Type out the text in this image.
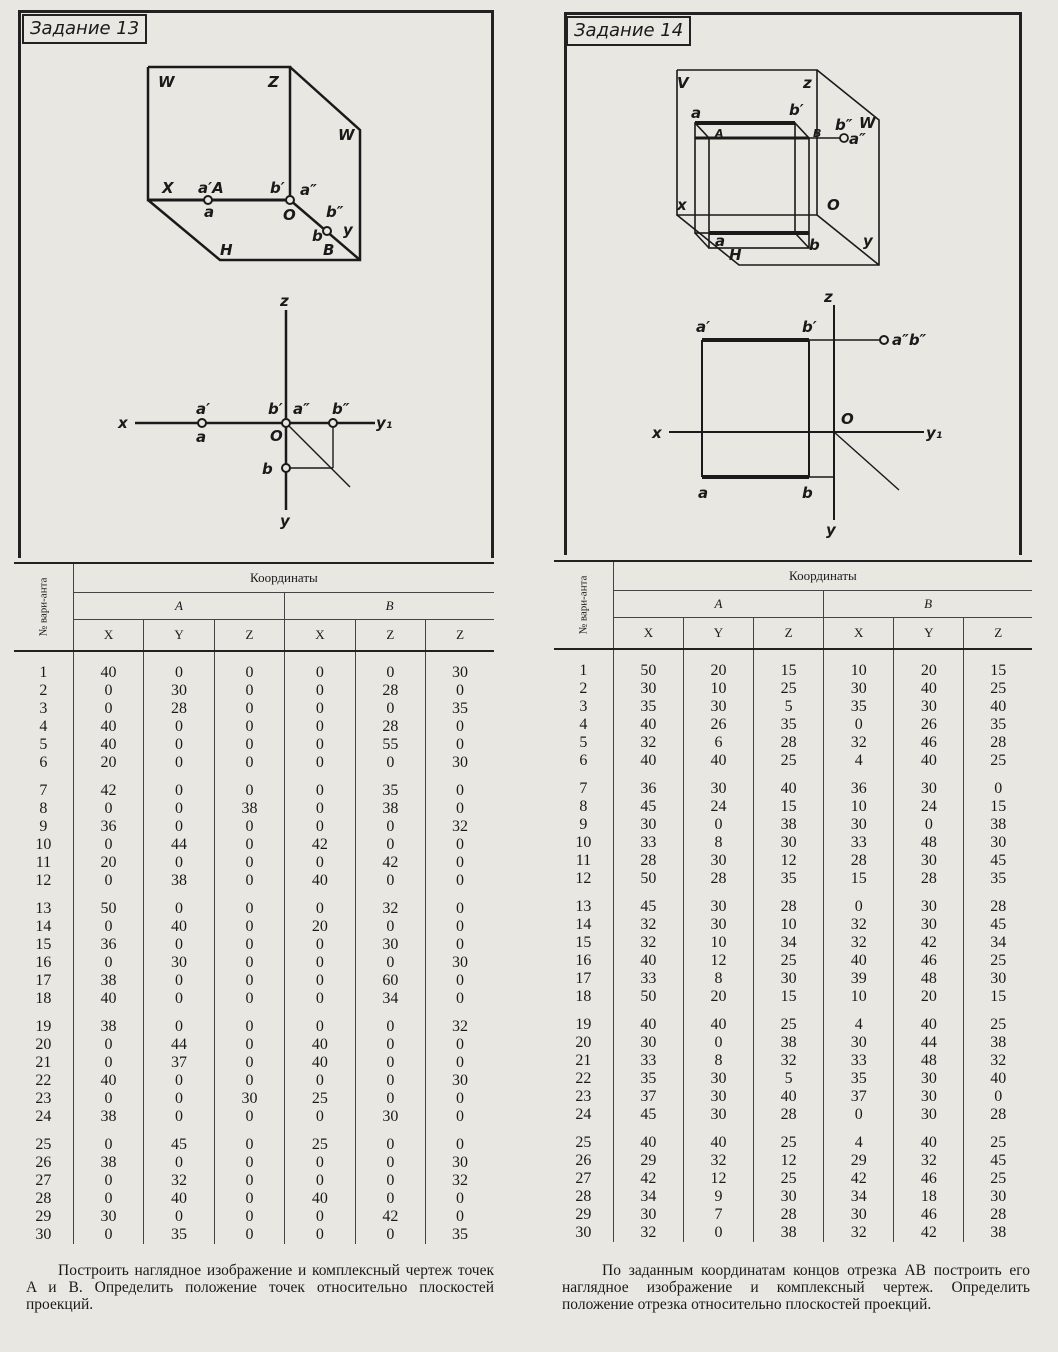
Задание 13
W	Z
W
X a′A	b′ a″
a	O b″
b
B
y
H
z
x
a′
a
b′ a″ b″
O
y₁
b
y
№ вари-анта	Координаты					
	А			В		
	X	Y	Z	X	Z	Z

1	40	0	0	0	0	30
2	0	30	0	0	28	0
3	0	28	0	0	0	35
4	40	0	0	0	28	0
5	40	0	0	0	55	0
6	20	0	0	0	0	30

7	42	0	0	0	35	0
8	0	0	38	0	38	0
9	36	0	0	0	0	32
10	0	44	0	42	0	0
11	20	0	0	0	42	0
12	0	38	0	40	0	0

13	50	0	0	0	32	0
14	0	40	0	20	0	0
15	36	0	0	0	30	0
16	0	30	0	0	0	30
17	38	0	0	0	60	0
18	40	0	0	0	34	0

19	38	0	0	0	0	32
20	0	44	0	40	0	0
21	0	37	0	40	0	0
22	40	0	0	0	0	30
23	0	0	30	25	0	0
24	38	0	0	0	30	0

25	0	45	0	25	0	0
26	38	0	0	0	0	30
27	0	32	0	0	0	32
28	0	40	0	40	0	0
29	30	0	0	0	42	0
30	0	35	0	0	0	35
Построить наглядное изображение и комплексный чертеж точек A и B. Определить положение точек относительно плоскостей проекций.
Задание 14
V	z
a	b′
b″ W
a″
A	B
x	O
a	b	y
H
z
a′	b′
a″b″
x
O
y₁
a	b
y
№ вари-анта	Координаты					
	А			В		
	X	Y	Z	X	Y	Z

1	50	20	15	10	20	15
2	30	10	25	30	40	25
3	35	30	5	35	30	40
4	40	26	35	0	26	35
5	32	6	28	32	46	28
6	40	40	25	4	40	25

7	36	30	40	36	30	0
8	45	24	15	10	24	15
9	30	0	38	30	0	38
10	33	8	30	33	48	30
11	28	30	12	28	30	45
12	50	28	35	15	28	35

13	45	30	28	0	30	28
14	32	30	10	32	30	45
15	32	10	34	32	42	34
16	40	12	25	40	46	25
17	33	8	30	39	48	30
18	50	20	15	10	20	15

19	40	40	25	4	40	25
20	30	0	38	30	44	38
21	33	8	32	33	48	32
22	35	30	5	35	30	40
23	37	30	40	37	30	0
24	45	30	28	0	30	28

25	40	40	25	4	40	25
26	29	32	12	29	32	45
27	42	12	25	42	46	25
28	34	9	30	34	18	30
29	30	7	28	30	46	28
30	32	0	38	32	42	38
По заданным координатам концов отрезка AB построить его наглядное изображение и комплексный чертеж. Определить положение отрезка относительно плоскостей проекций.
